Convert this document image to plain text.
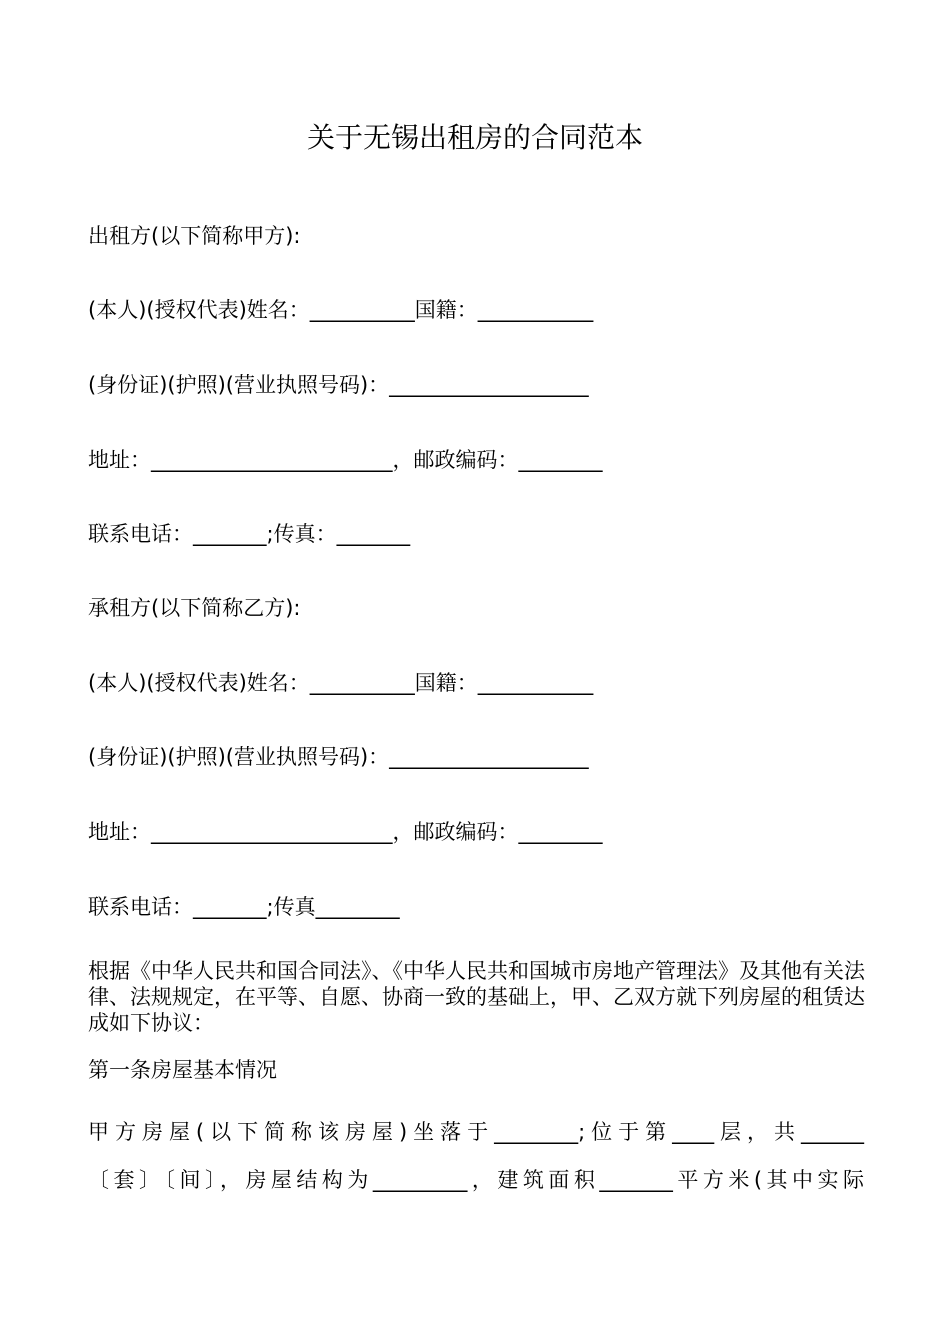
关于无锡出租房的合同范本
出租方(以下简称甲方):
(本人)(授权代表)姓名：__________国籍：___________
(身份证)(护照)(营业执照号码)：___________________
地址：_______________________，邮政编码：________
联系电话：_______;传真：_______
承租方(以下简称乙方):
(本人)(授权代表)姓名：__________国籍：___________
(身份证)(护照)(营业执照号码)：___________________
地址：_______________________，邮政编码：________
联系电话：_______;传真________
根据《中华人民共和国合同法》、《中华人民共和国城市房地产管理法》及其他有关法律、法规规定，在平等、自愿、协商一致的基础上，甲、乙双方就下列房屋的租赁达成如下协议：
第一条房屋基本情况
甲方房屋(以下简称该房屋)坐落于________;位于第____层，共______
〔套〕〔间〕，房屋结构为_________，建筑面积_______平方米(其中实际
